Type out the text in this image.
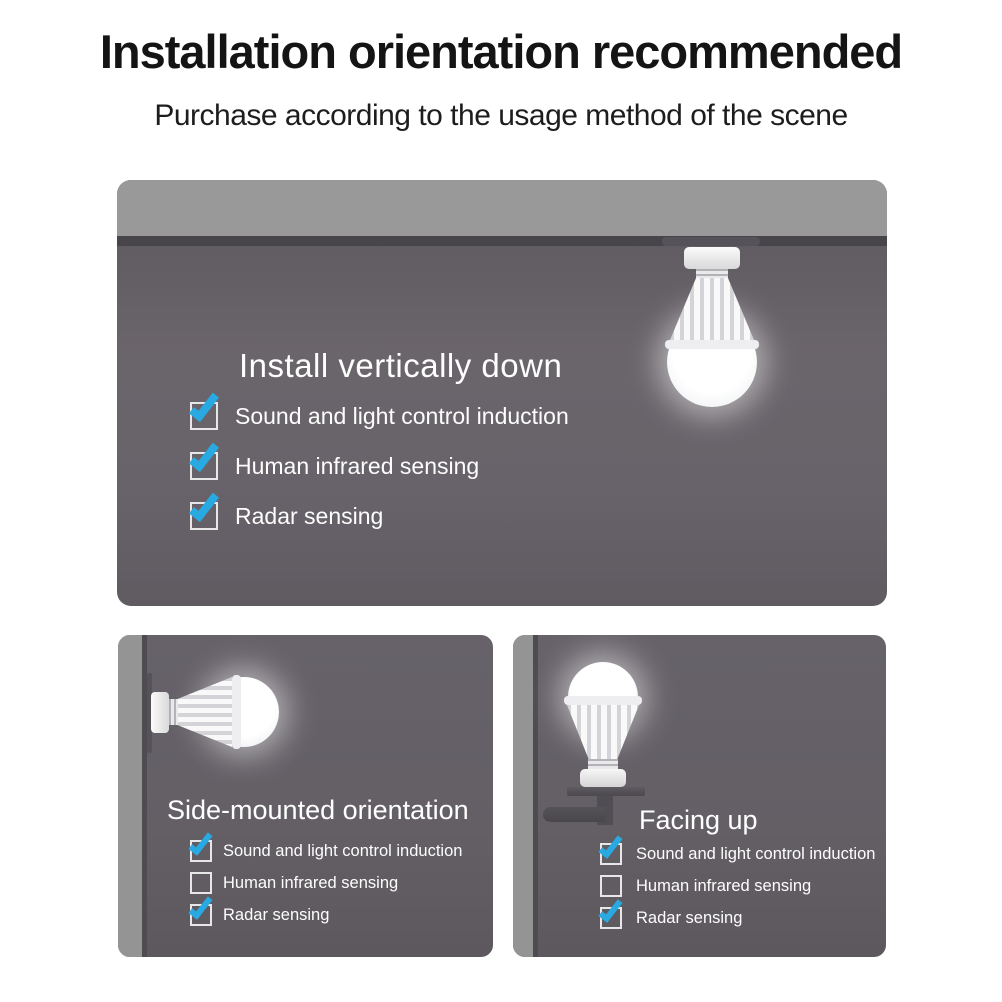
Installation orientation recommended
Purchase according to the usage method of the scene
Install vertically down
Sound and light control induction
Human infrared sensing
Radar sensing
Side-mounted orientation
Sound and light control induction
Human infrared sensing
Radar sensing
Facing up
Sound and light control induction
Human infrared sensing
Radar sensing
